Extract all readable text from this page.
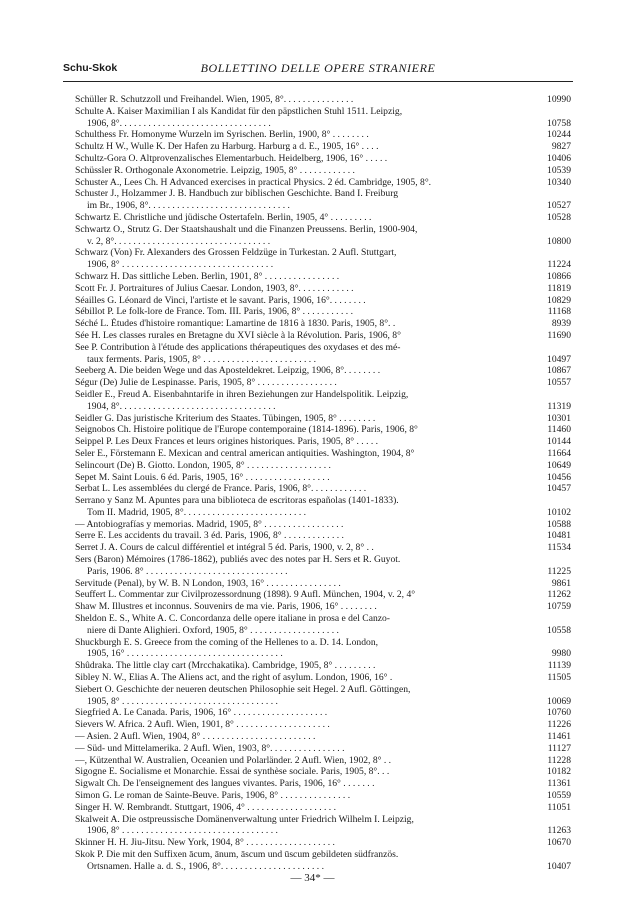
Schu-Skok	BOLLETTINO DELLE OPERE STRANIERE
Schüller R. Schutzzoll und Freihandel. Wien, 1905, 8°. . . . . . . . . . . . . . .	10990
Schulte A. Kaiser Maximilian I als Kandidat für den päpstlichen Stuhl 1511. Leipzig,
1906, 8°. . . . . . . . . . . . . . . . . . . . . . . . . . . . . . . .	10758
Schulthess Fr. Homonyme Wurzeln im Syrischen. Berlin, 1900, 8° . . . . . . . .	10244
Schultz H W., Wulle K. Der Hafen zu Harburg. Harburg a d. E., 1905, 16° . . . .	9827
Schultz-Gora O. Altprovenzalisches Elementarbuch. Heidelberg, 1906, 16° . . . . .	10406
Schüssler R. Orthogonale Axonometrie. Leipzig, 1905, 8° . . . . . . . . . . . .	10539
Schuster A., Lees Ch. H Advanced exercises in practical Physics. 2 éd. Cambridge, 1905, 8°.	10340
Schuster J., Holzammer J. B. Handbuch zur biblischen Geschichte. Band I. Freiburg
im Br., 1906, 8°. . . . . . . . . . . . . . . . . . . . . . . . . . . . . .	10527
Schwartz E. Christliche und jüdische Ostertafeln. Berlin, 1905, 4° . . . . . . . . .	10528
Schwartz O., Strutz G. Der Staatshaushalt und die Finanzen Preussens. Berlin, 1900-904,
v. 2, 8°. . . . . . . . . . . . . . . . . . . . . . . . . . . . . . . . .	10800
Schwarz (Von) Fr. Alexanders des Grossen Feldzüge in Turkestan. 2 Aufl. Stuttgart,
1906, 8° . . . . . . . . . . . . . . . . . . . . . . . . . . . . . . . .	11224
Schwarz H. Das sittliche Leben. Berlin, 1901, 8° . . . . . . . . . . . . . . . .	10866
Scott Fr. J. Portraitures of Julius Caesar. London, 1903, 8°. . . . . . . . . . . .	11819
Séailles G. Léonard de Vinci, l'artiste et le savant. Paris, 1906, 16°. . . . . . . .	10829
Sébillot P. Le folk-lore de France. Tom. III. Paris, 1906, 8° . . . . . . . . . . .	11168
Séché L. Études d'histoire romantique: Lamartine de 1816 à 1830. Paris, 1905, 8°. .	8939
Sée H. Les classes rurales en Bretagne du XVI siècle à la Révolution. Paris, 1906, 8°	11690
See P. Contribution à l'étude des applications thérapeutiques des oxydases et des mé-
taux ferments. Paris, 1905, 8° . . . . . . . . . . . . . . . . . . . . . . . .	10497
Seeberg A. Die beiden Wege und das Aposteldekret. Leipzig, 1906, 8°. . . . . . . .	10867
Ségur (De) Julie de Lespinasse. Paris, 1905, 8° . . . . . . . . . . . . . . . . .	10557
Seidler E., Freud A. Eisenbahntarife in ihren Beziehungen zur Handelspolitik. Leipzig,
1904, 8°. . . . . . . . . . . . . . . . . . . . . . . . . . . . . . . . .	11319
Seidler G. Das juristische Kriterium des Staates. Tübingen, 1905, 8° . . . . . . . .	10301
Seignobos Ch. Histoire politique de l'Europe contemporaine (1814-1896). Paris, 1906, 8°	11460
Seippel P. Les Deux Frances et leurs origines historiques. Paris, 1905, 8° . . . . .	10144
Seler E., Förstemann E. Mexican and central american antiquities. Washington, 1904, 8°	11664
Selincourt (De) B. Giotto. London, 1905, 8° . . . . . . . . . . . . . . . . . .	10649
Sepet M. Saint Louis. 6 éd. Paris, 1905, 16° . . . . . . . . . . . . . . . . . .	10456
Serbat L. Les assemblées du clergé de France. Paris, 1906, 8°. . . . . . . . . . . .	10457
Serrano y Sanz M. Apuntes para una biblioteca de escritoras españolas (1401-1833).
Tom II. Madrid, 1905, 8°. . . . . . . . . . . . . . . . . . . . . . . . . .	10102
— Antobiografías y memorias. Madrid, 1905, 8° . . . . . . . . . . . . . . . . .	10588
Serre E. Les accidents du travail. 3 éd. Paris, 1906, 8° . . . . . . . . . . . . .	10481
Serret J. A. Cours de calcul différentiel et intégral 5 éd. Paris, 1900, v. 2, 8° . .	11534
Sers (Baron) Mémoires (1786-1862), publiés avec des notes par H. Sers et R. Guyot.
Paris, 1906. 8° . . . . . . . . . . . . . . . . . . . . . . . . . . . . . .	11225
Servitude (Penal), by W. B. N London, 1903, 16° . . . . . . . . . . . . . . . .	9861
Seuffert L. Commentar zur Civilprozessordnung (1898). 9 Aufl. München, 1904, v. 2, 4°	11262
Shaw M. Illustres et inconnus. Souvenirs de ma vie. Paris, 1906, 16° . . . . . . . .	10759
Sheldon E. S., White A. C. Concordanza delle opere italiane in prosa e del Canzo-
niere di Dante Alighieri. Oxford, 1905, 8° . . . . . . . . . . . . . . . . . . .	10558
Shuckburgh E. S. Greece from the coming of the Hellenes to a. D. 14. London,
1905, 16° . . . . . . . . . . . . . . . . . . . . . . . . . . . . . . . . .	9980
Shûdraka. The little clay cart (Mrcchakatika). Cambridge, 1905, 8° . . . . . . . . .	11139
Sibley N. W., Elias A. The Aliens act, and the right of asylum. London, 1906, 16° .	11505
Siebert O. Geschichte der neueren deutschen Philosophie seit Hegel. 2 Aufl. Göttingen,
1905, 8° . . . . . . . . . . . . . . . . . . . . . . . . . . . . . . . . .	10069
Siegfried A. Le Canada. Paris, 1906, 16° . . . . . . . . . . . . . . . . . . . .	10760
Sievers W. Africa. 2 Aufl. Wien, 1901, 8° . . . . . . . . . . . . . . . . . . . .	11226
— Asien. 2 Aufl. Wien, 1904, 8° . . . . . . . . . . . . . . . . . . . . . . . .	11461
— Süd- und Mittelamerika. 2 Aufl. Wien, 1903, 8°. . . . . . . . . . . . . . . .	11127
—, Kützenthal W. Australien, Oceanien und Polarländer. 2 Aufl. Wien, 1902, 8° . .	11228
Sigogne E. Socialisme et Monarchie. Essai de synthèse sociale. Paris, 1905, 8°. . .	10182
Sigwalt Ch. De l'enseignement des langues vivantes. Paris, 1906, 16° . . . . . . .	11361
Simon G. Le roman de Sainte-Beuve. Paris, 1906, 8° . . . . . . . . . . . . . . .	10559
Singer H. W. Rembrandt. Stuttgart, 1906, 4° . . . . . . . . . . . . . . . . . . .	11051
Skalweit A. Die ostpreussische Domänenverwaltung unter Friedrich Wilhelm I. Leipzig,
1906, 8° . . . . . . . . . . . . . . . . . . . . . . . . . . . . . . . . .	11263
Skinner H. H. Jiu-Jitsu. New York, 1904, 8° . . . . . . . . . . . . . . . . . . .	10670
Skok P. Die mit den Suffixen ācum, ānum, āscum und ūscum gebildeten südfranzös.
Ortsnamen. Halle a. d. S., 1906, 8°. . . . . . . . . . . . . . . . . . . . . .	10407
— 34* —
